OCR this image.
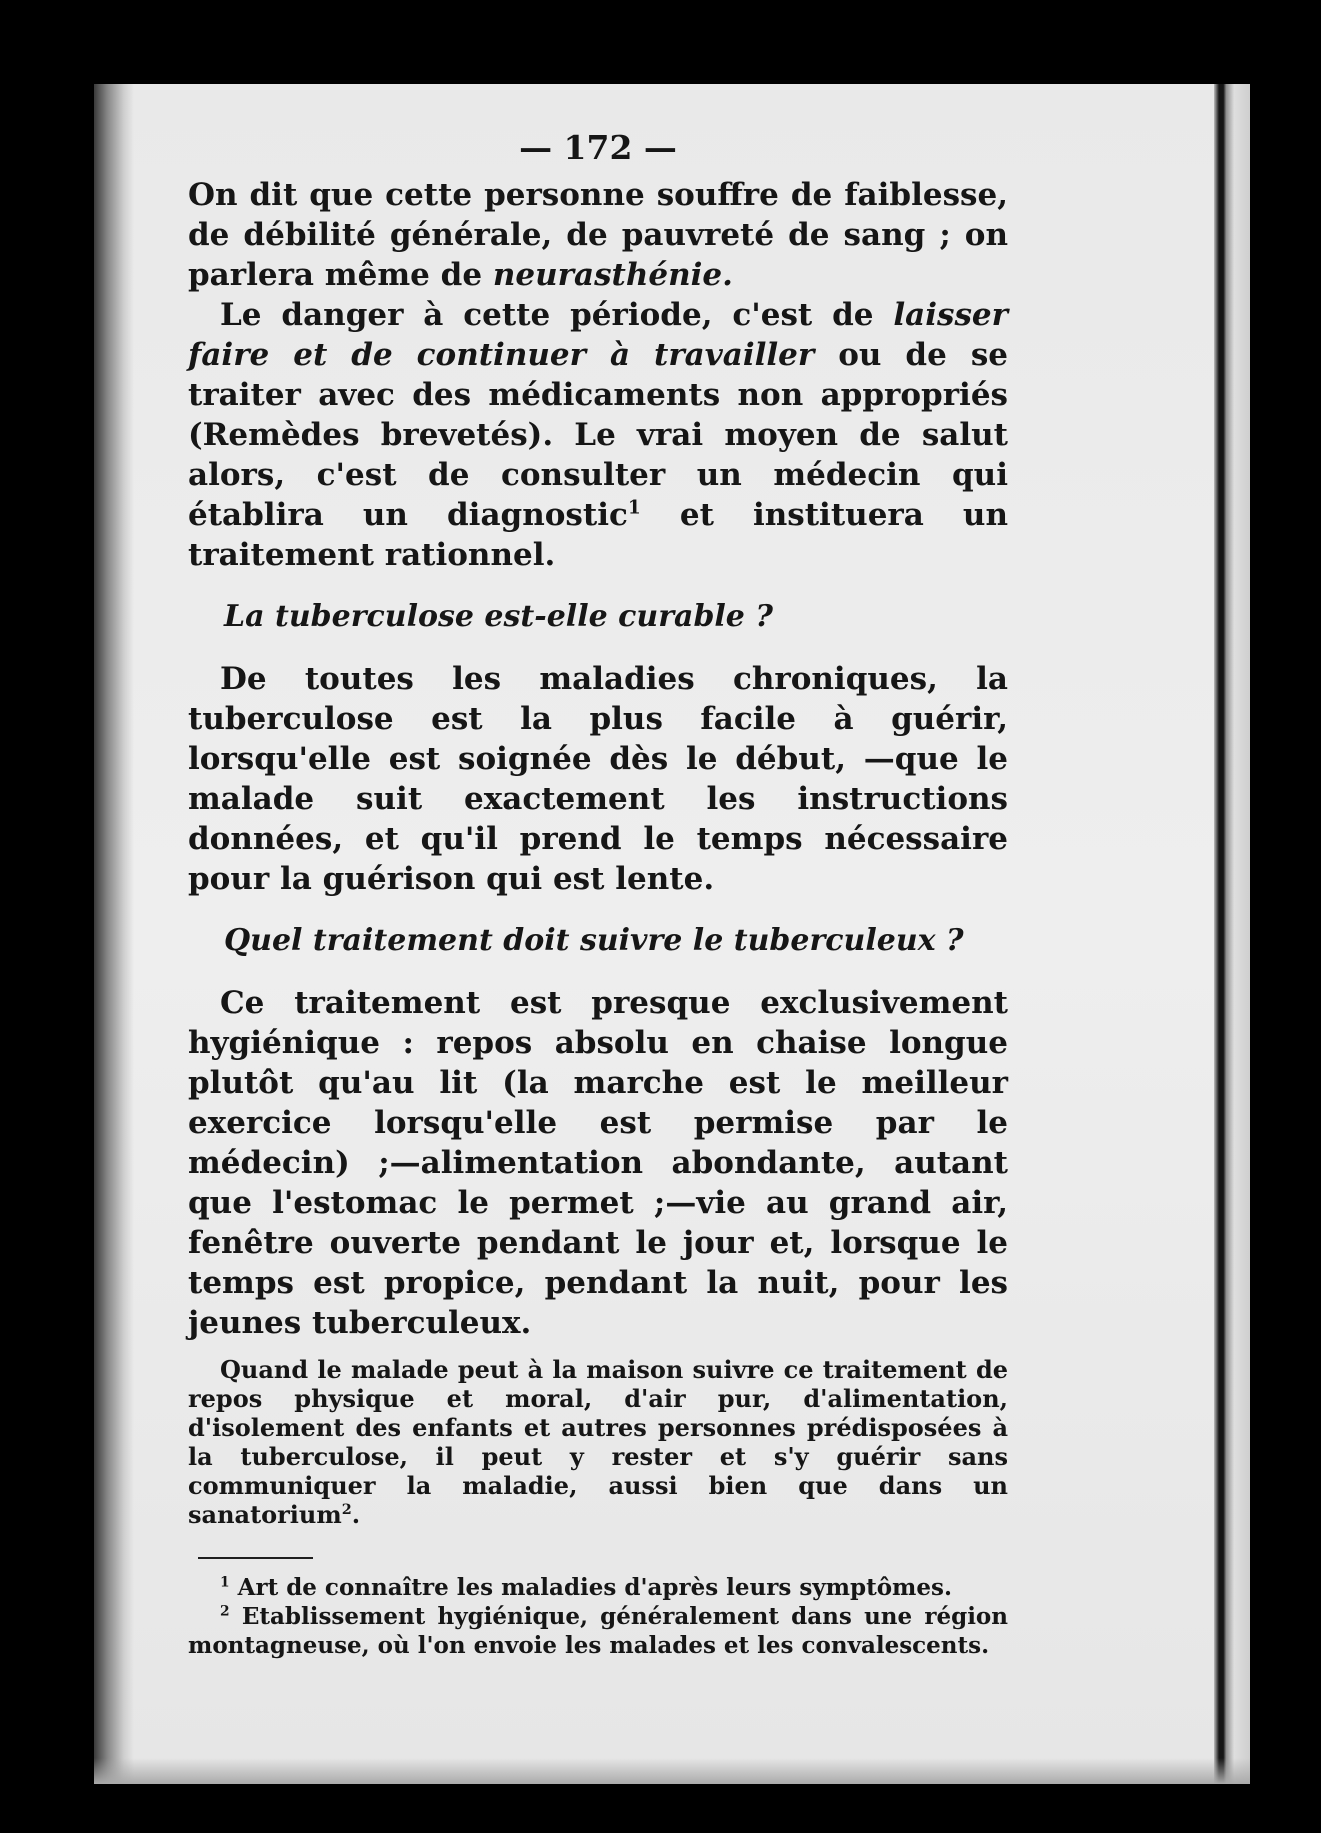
— 172 —

On dit que cette personne souffre de faiblesse, de débilité générale, de pauvreté de sang ; on parlera même de neurasthénie.

Le danger à cette période, c'est de laisser faire et de continuer à travailler ou de se traiter avec des médicaments non appropriés (Remèdes brevetés). Le vrai moyen de salut alors, c'est de consulter un médecin qui établira un diagnostic$^1$ et instituera un traitement rationnel.

La tuberculose est-elle curable ?

De toutes les maladies chroniques, la tuberculose est la plus facile à guérir, lorsqu'elle est soignée dès le début, —que le malade suit exactement les instructions données, et qu'il prend le temps nécessaire pour la guérison qui est lente.

Quel traitement doit suivre le tuberculeux ?

Ce traitement est presque exclusivement hygiénique : repos absolu en chaise longue plutôt qu'au lit (la marche est le meilleur exercice lorsqu'elle est permise par le médecin) ;—alimentation abondante, autant que l'estomac le permet ;—vie au grand air, fenêtre ouverte pendant le jour et, lorsque le temps est propice, pendant la nuit, pour les jeunes tuberculeux.

Quand le malade peut à la maison suivre ce traitement de repos physique et moral, d'air pur, d'alimentation, d'isolement des enfants et autres personnes prédisposées à la tuberculose, il peut y rester et s'y guérir sans communiquer la maladie, aussi bien que dans un sanatorium$^2$.

$^1$ Art de connaître les maladies d'après leurs symptômes.

$^2$ Etablissement hygiénique, généralement dans une région montagneuse, où l'on envoie les malades et les convalescents.
